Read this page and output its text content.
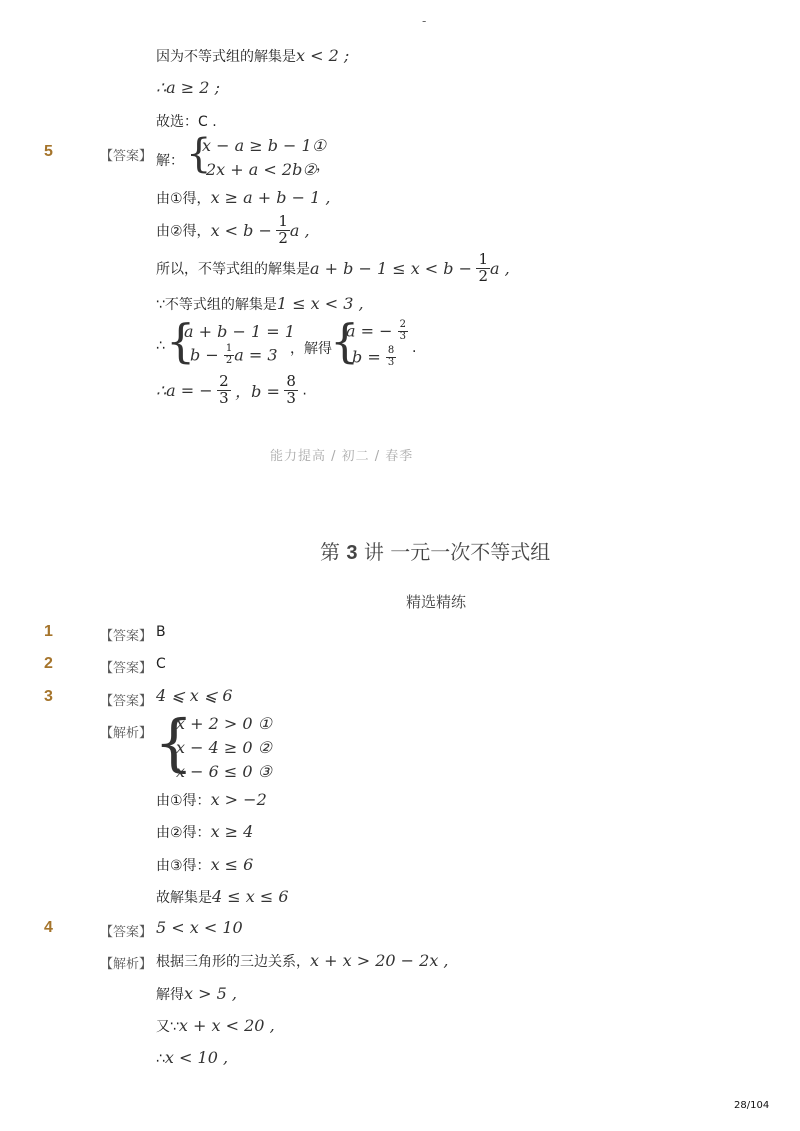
-
因为不等式组的解集是x < 2 ;
∴a ≥ 2 ;
故选：C .
5	【答案】 解： {
x − a ≥ b − 1①
2x + a < 2b② ，
由①得，x ≥ a + b − 1 ,
由②得，$x < b - \frac{1}{2}$ a ,
所以，不等式组的解集是$a + b - 1 \le x < b - \frac{1}{2}$ a ,
∵不等式组的解集是1 ≤ x < 3 ,
∴ {
a + b − 1 = 1
$b - \frac{1}{2}$ a = 3 ，解得
{
a = − $\frac{2}{3}$
$b = \frac{8}{3}$ .
∴a = − $\frac{2}{3}$ ，$b = \frac{8}{3}$ .
能力提高 / 初二 / 春季
第 3 讲 一元一次不等式组
精选精练
1	【答案】 B
2	【答案】 C
3	【答案】 4 ⩽ x ⩽ 6
【解析】 {
x + 2 > 0 ①
x − 4 ≥ 0 ②
x − 6 ≤ 0 ③
由①得：x > −2
由②得：x ≥ 4
由③得：x ≤ 6
故解集是4 ≤ x ≤ 6
4	【答案】 5 < x < 10
【解析】 根据三角形的三边关系，x + x > 20 − 2x ,
解得x > 5 ,
又∵x + x < 20 ,
∴x < 10 ,
28/104
